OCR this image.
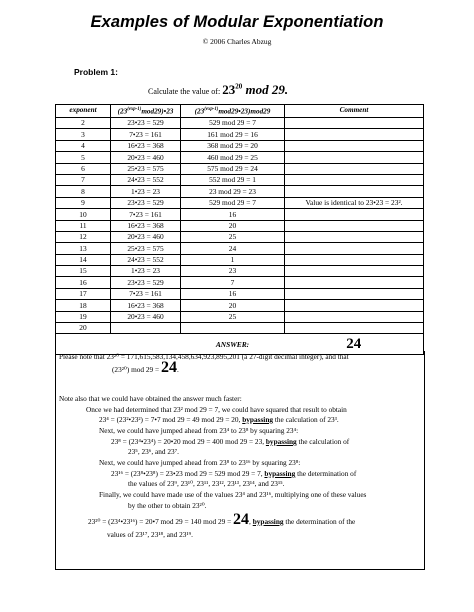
Examples of Modular Exponentiation
© 2006 Charles Abzug
Problem 1:
Calculate the value of: $23^{20}$ mod 29.
exponent	$(23^{(exp-1)}mod29)•23$	$(23^{(exp-1)}mod29•23)mod29$	Comment
2	23•23 = 529	529 mod 29 = 7	
3	7•23 = 161	161 mod 29 = 16	
4	16•23 = 368	368 mod 29 = 20	
5	20•23 = 460	460 mod 29 = 25	
6	25•23 = 575	575 mod 29 = 24	
7	24•23 = 552	552 mod 29 = 1	
8	1•23 = 23	23 mod 29 = 23	
9	23•23 = 529	529 mod 29 = 7	Value is identical to 23•23 = 23².
10	7•23 = 161	16	
11	16•23 = 368	20	
12	20•23 = 460	25	
13	25•23 = 575	24	
14	24•23 = 552	1	
15	1•23 = 23	23	
16	23•23 = 529	7	
17	7•23 = 161	16	
18	16•23 = 368	20	
19	20•23 = 460	25	
20			
		ANSWER:	24
Please note that 23²⁰ = 171,615,583,134,458,634,923,895,201 (a 27-digit decimal integer), and that
(23²⁰) mod 29 = 24.
Note also that we could have obtained the answer much faster:
Once we had determined that 23² mod 29 = 7, we could have squared that result to obtain
23⁴ = (23²•23²) = 7•7 mod 29 = 49 mod 29 = 20, bypassing the calculation of 23³.
Next, we could have jumped ahead from 23⁴ to 23⁸ by squaring 23⁴:
23⁸ = (23⁴•23⁴) = 20•20 mod 29 = 400 mod 29 = 23, bypassing the calculation of
23⁵, 23⁶, and 23⁷.
Next, we could have jumped ahead from 23⁸ to 23¹⁶ by squaring 23⁸:
23¹⁶ = (23⁸•23⁸) = 23•23 mod 29 = 529 mod 29 = 7, bypassing the determination of
the values of 23⁹, 23¹⁰, 23¹¹, 23¹², 23¹³, 23¹⁴, and 23¹⁵.
Finally, we could have made use of the values 23⁴ and 23¹⁶, multiplying one of these values
by the other to obtain 23²⁰.
23²⁰ = (23⁴•23¹⁶) = 20•7 mod 29 = 140 mod 29 = 24, bypassing the determination of the
values of 23¹⁷, 23¹⁸, and 23¹⁹.
